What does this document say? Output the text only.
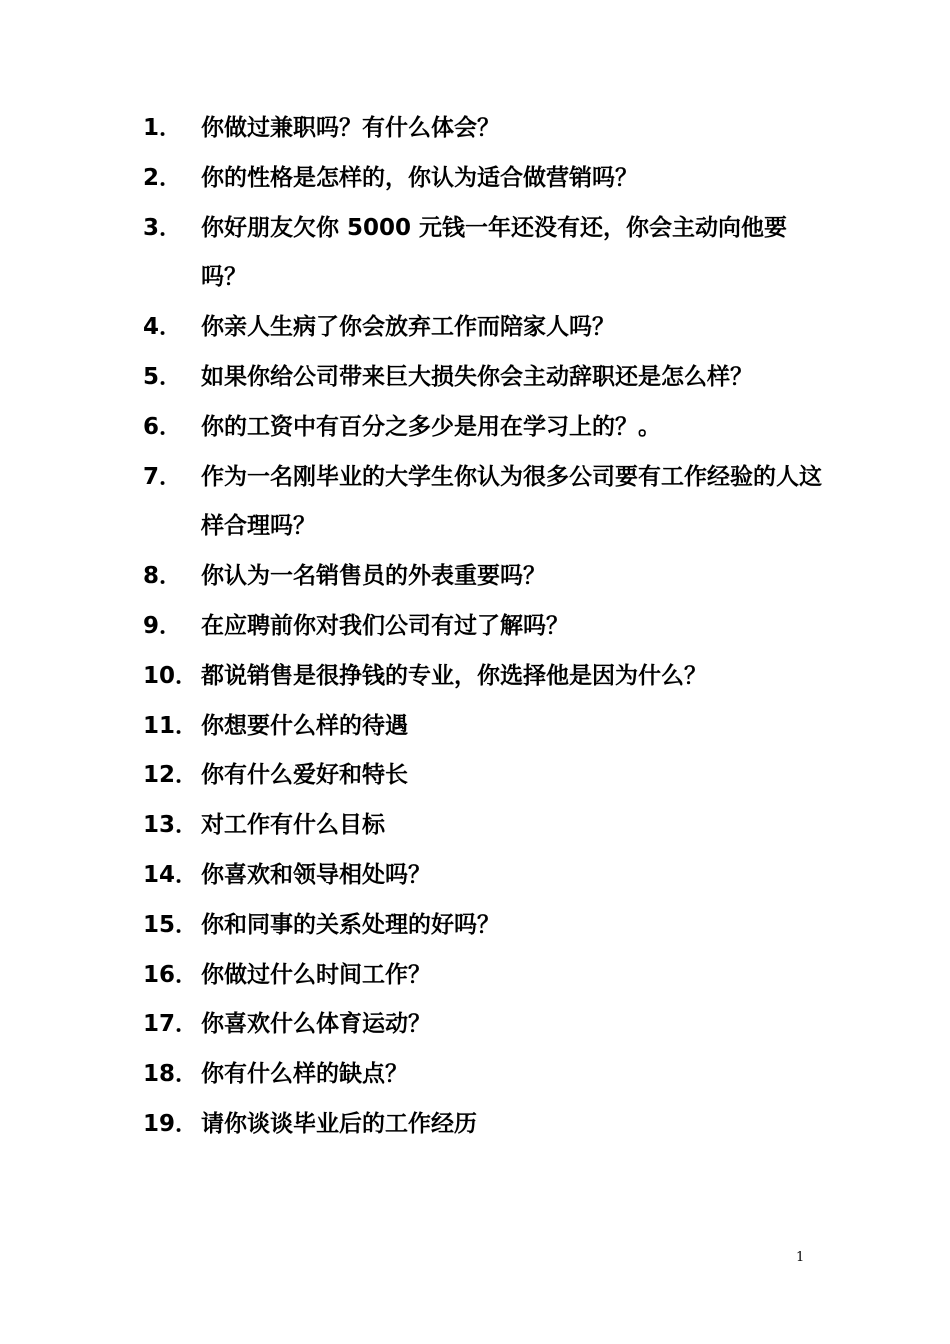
1． 你做过兼职吗？有什么体会？
2． 你的性格是怎样的，你认为适合做营销吗？
3． 你好朋友欠你 5000 元钱一年还没有还，你会主动向他要吗？
4． 你亲人生病了你会放弃工作而陪家人吗？
5． 如果你给公司带来巨大损失你会主动辞职还是怎么样？
6． 你的工资中有百分之多少是用在学习上的？。
7． 作为一名刚毕业的大学生你认为很多公司要有工作经验的人这样合理吗？
8． 你认为一名销售员的外表重要吗？
9． 在应聘前你对我们公司有过了解吗？
10． 都说销售是很挣钱的专业，你选择他是因为什么？
11． 你想要什么样的待遇
12． 你有什么爱好和特长
13． 对工作有什么目标
14． 你喜欢和领导相处吗？
15． 你和同事的关系处理的好吗？
16． 你做过什么时间工作？
17． 你喜欢什么体育运动？
18． 你有什么样的缺点？
19． 请你谈谈毕业后的工作经历
1
